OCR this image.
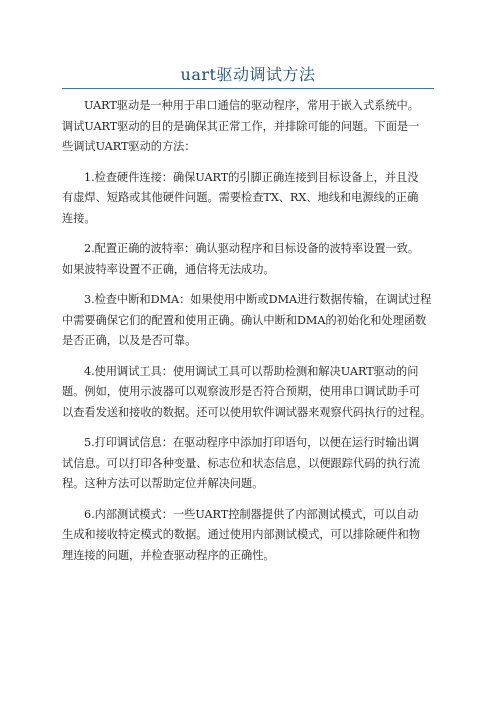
uart驱动调试方法
UART驱动是一种用于串口通信的驱动程序，常用于嵌入式系统中。
调试UART驱动的目的是确保其正常工作，并排除可能的问题。下面是一
些调试UART驱动的方法：
1.检查硬件连接：确保UART的引脚正确连接到目标设备上，并且没
有虚焊、短路或其他硬件问题。需要检查TX、RX、地线和电源线的正确
连接。
2.配置正确的波特率：确认驱动程序和目标设备的波特率设置一致。
如果波特率设置不正确，通信将无法成功。
3.检查中断和DMA：如果使用中断或DMA进行数据传输，在调试过程
中需要确保它们的配置和使用正确。确认中断和DMA的初始化和处理函数
是否正确，以及是否可靠。
4.使用调试工具：使用调试工具可以帮助检测和解决UART驱动的问
题。例如，使用示波器可以观察波形是否符合预期，使用串口调试助手可
以查看发送和接收的数据。还可以使用软件调试器来观察代码执行的过程。
5.打印调试信息：在驱动程序中添加打印语句，以便在运行时输出调
试信息。可以打印各种变量、标志位和状态信息，以便跟踪代码的执行流
程。这种方法可以帮助定位并解决问题。
6.内部测试模式：一些UART控制器提供了内部测试模式，可以自动
生成和接收特定模式的数据。通过使用内部测试模式，可以排除硬件和物
理连接的问题，并检查驱动程序的正确性。
